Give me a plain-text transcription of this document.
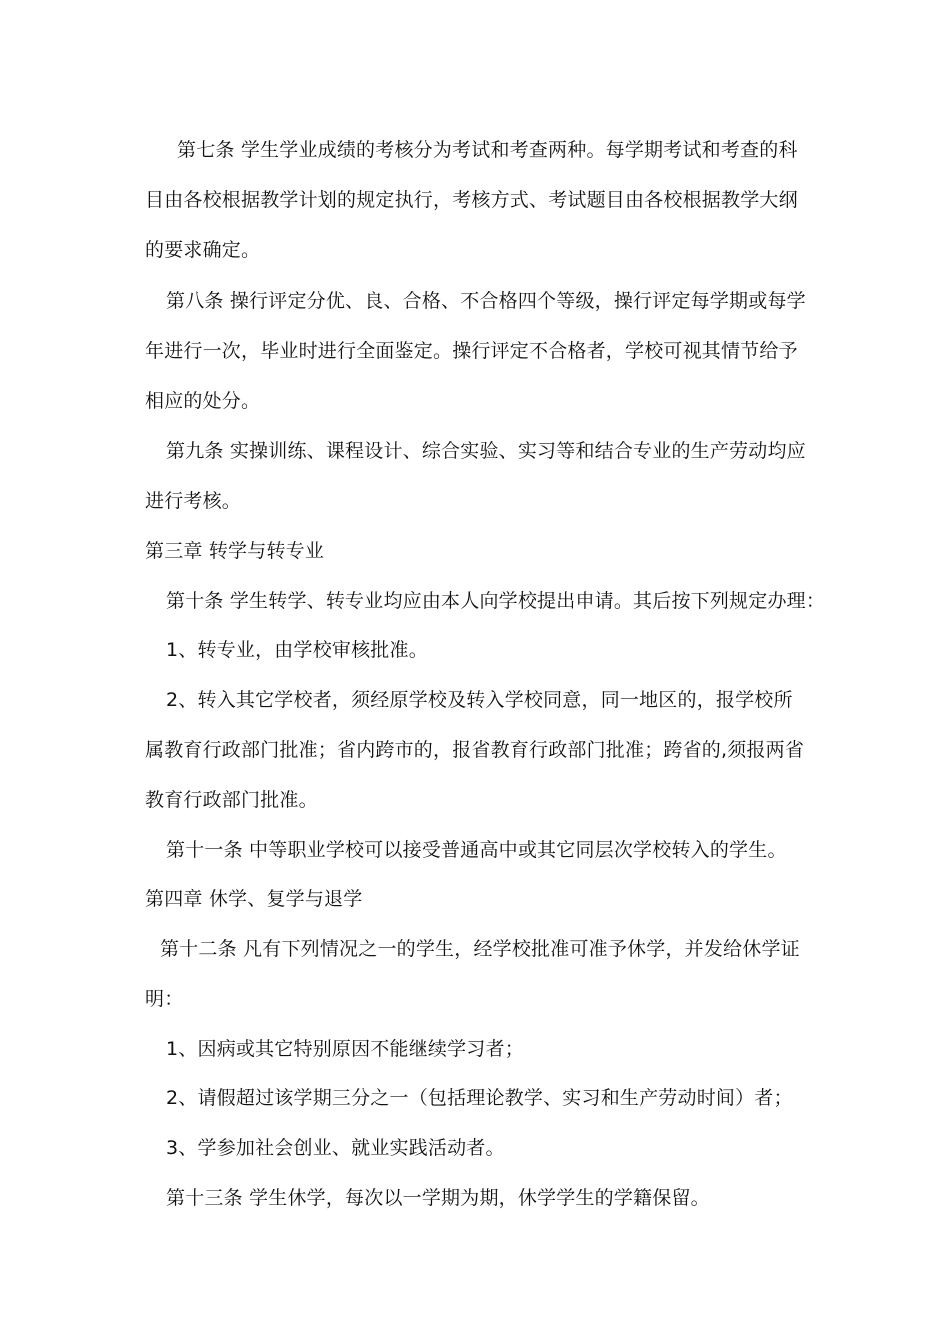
第七条 学生学业成绩的考核分为考试和考查两种。每学期考试和考查的科
目由各校根据教学计划的规定执行，考核方式、考试题目由各校根据教学大纲
的要求确定。
第八条 操行评定分优、良、合格、不合格四个等级，操行评定每学期或每学
年进行一次，毕业时进行全面鉴定。操行评定不合格者，学校可视其情节给予
相应的处分。
第九条 实操训练、课程设计、综合实验、实习等和结合专业的生产劳动均应
进行考核。
第三章 转学与转专业
第十条 学生转学、转专业均应由本人向学校提出申请。其后按下列规定办理：
1、转专业，由学校审核批准。
2、转入其它学校者，须经原学校及转入学校同意，同一地区的，报学校所
属教育行政部门批准；省内跨市的，报省教育行政部门批准；跨省的,须报两省
教育行政部门批准。
第十一条 中等职业学校可以接受普通高中或其它同层次学校转入的学生。
第四章 休学、复学与退学
第十二条 凡有下列情况之一的学生，经学校批准可准予休学，并发给休学证
明：
1、因病或其它特别原因不能继续学习者；
2、请假超过该学期三分之一（包括理论教学、实习和生产劳动时间）者；
3、学参加社会创业、就业实践活动者。
第十三条 学生休学，每次以一学期为期，休学学生的学籍保留。
